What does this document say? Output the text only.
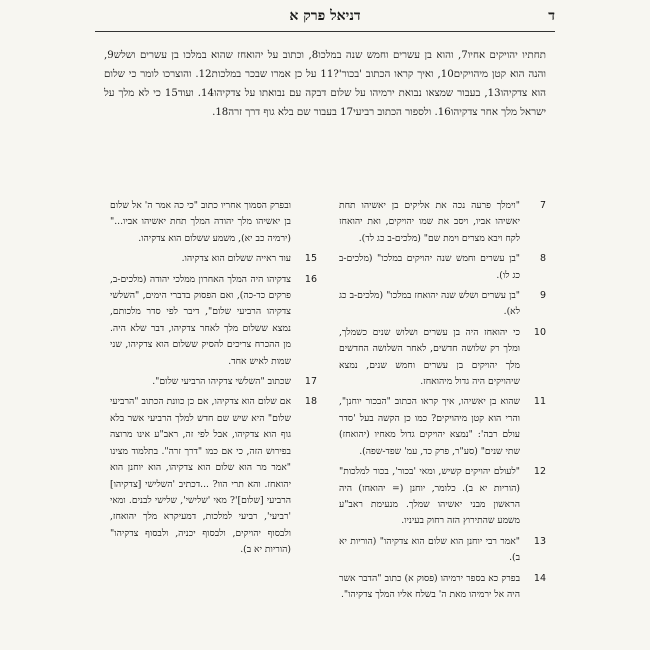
דניאל פרק א	ד
תחתיו יהויקים אחיו7, והוא בן עשרים וחמש שנה במלכו8, וכתוב על יהואחז שהוא במלכו בן עשרים ושלש9, והנה הוא קטן מיהויקים10, ואיך קראו הכתוב 'בכור'?11 על כן אמרו שבכר במלכות12. והוצרכו לומר כי שלום הוא צדקיהו13, בעבור שמצאו נבואת ירמיהו על שלום דבקה עם נבואתו על צדקיהו14. ועוד15 כי לא מלך על ישראל מלך אחר צדקיהו16. ולספור הכתוב רביעי17 בעבור שם בלא גוף דרך זרה18.
7
"וימלך פרעה נכה את אליקים בן יאשיהו תחת יאשיהו אביו, ויסב את שמו יהויקים, ואת יהואחז לקח ויבא מצרים וימת שם" (מלכים-ב כג לד).
8
"בן עשרים וחמש שנה יהויקים במלכו" (מלכים-ב כג לו).
9
"בן עשרים ושלש שנה יהואחז במלכו" (מלכים-ב כג לא).
10
כי יהואחז היה בן עשרים ושלוש שנים כשמלך, ומלך רק שלושה חדשים, לאחר השלושה החדשים מלך יהויקים בן עשרים וחמש שנים, נמצא שיהויקים היה גדול מיהואחז.
11
שהוא בן יאשיהו, איך קראו הכתוב "הבכור יוחנן", והרי הוא קטן מיהויקים? כמו כן הקשה בעל 'סדר עולם רבה': "נמצא יהויקים גדול מאחיו (יהואחז) שתי שנים" (סע"ר, פרק כד, עמ' שפד-שפה).
12
"לעולם יהויקים קשיש, ומאי 'בכור', בכור למלכות" (הוריות יא ב). כלומר, יוחנן (= יהואחז) היה הראשון מבני יאשיהו שמלך. מנעימת ראב"ע משמע שהתירוץ הזה רחוק בעיניו.
13
"אמר רבי יוחנן הוא שלום הוא צדקיהו" (הוריות יא ב).
14
בפרק כא בספר ירמיהו (פסוק א) כתוב "הדבר אשר היה אל ירמיהו מאת ה' בשלח אליו המלך צדקיהו".
ובפרק הסמוך אחריו כתוב "כי כה אמר ה' אל שלום בן יאשיהו מלך יהודה המלך תחת יאשיהו אביו..." (ירמיה כב יא), משמע ששלום הוא צדקיהו.
15
עוד ראייה ששלום הוא צדקיהו.
16
צדקיהו היה המלך האחרון ממלכי יהודה (מלכים-ב, פרקים כד-כה), ואם הפסוק בדברי הימים, "השלשי צדקיהו הרביעי שלום", דיבר לפי סדר מלכותם, נמצא ששלום מלך לאחר צדקיהו, דבר שלא היה. מן ההכרח צריכים להסיק ששלום הוא צדקיהו, שני שמות לאיש אחד.
17
שכתוב "השלשי צדקיהו הרביעי שלום".
18
אם שלום הוא צדקיהו, אם כן כוונת הכתוב "הרביעי שלום" היא שיש שם חדש למלך הרביעי אשר בלא גוף הוא צדקיהו, אבל לפי זה, ראב"ע אינו מרוצה בפירוש הזה, כי אם כמו "דרך זרה". בתלמוד מצינו "אמר מר הוא שלום הוא צדקיהו, הוא יוחנן הוא יהואחז. והא תרי הוו? ...דכתיב 'השלישי [צדקיהו] הרביעי [שלום]'? מאי 'שלישי', שלישי לבנים. ומאי 'רביעי', רביעי למלכות, דמעיקרא מלך יהואחז, ולבסוף יהויקים, ולבסוף יכניה, ולבסוף צדקיהו" (הוריות יא ב).
